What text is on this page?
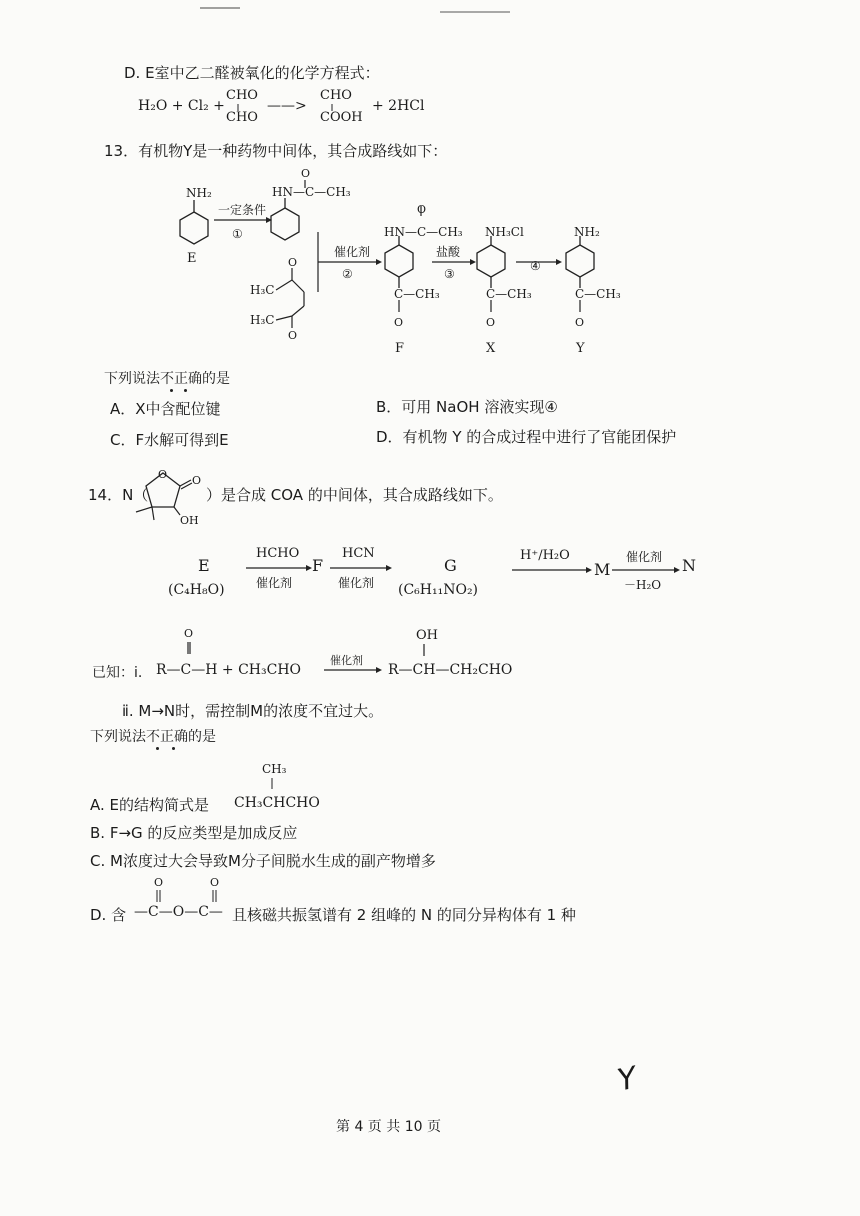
D. E室中乙二醛被氧化的化学方程式：
H₂O + Cl₂ +
CHO
CHO
——>
CHO
COOH
+ 2HCl
13．有机物Y是一种药物中间体，其合成路线如下：
NH₂
E
一定条件
①
HN—C—CH₃
O
O
O
H₃C
H₃C
催化剂
②
HN—C—CH₃
O
C—CH₃
O
F
盐酸
③
NH₃Cl
C—CH₃
O
X
④
NH₂
C—CH₃
O
Y
下列说法不正确的是
A．X中含配位键	B．可用 NaOH 溶液实现④
C．F水解可得到E	D．有机物 Y 的合成过程中进行了官能团保护
14．N（
O O
OH
）是合成 COA 的中间体，其合成路线如下。
E
(C₄H₈O)
HCHO
催化剂
F
HCN
催化剂
G
(C₆H₁₁NO₂)
H⁺/H₂O
M
催化剂
－H₂O
N
已知：ⅰ. R—C—H + CH₃CHO
O
催化剂
R—CH—CH₂CHO
OH
ⅱ. M→N时，需控制M的浓度不宜过大。
下列说法不正确的是
CH₃
A. E的结构简式是 CH₃CHCHO
B. F→G 的反应类型是加成反应
C. M浓度过大会导致M分子间脱水生成的副产物增多
O	O
D. 含 —C—O—C— 且核磁共振氢谱有 2 组峰的 N 的同分异构体有 1 种
Y
第 4 页 共 10 页
